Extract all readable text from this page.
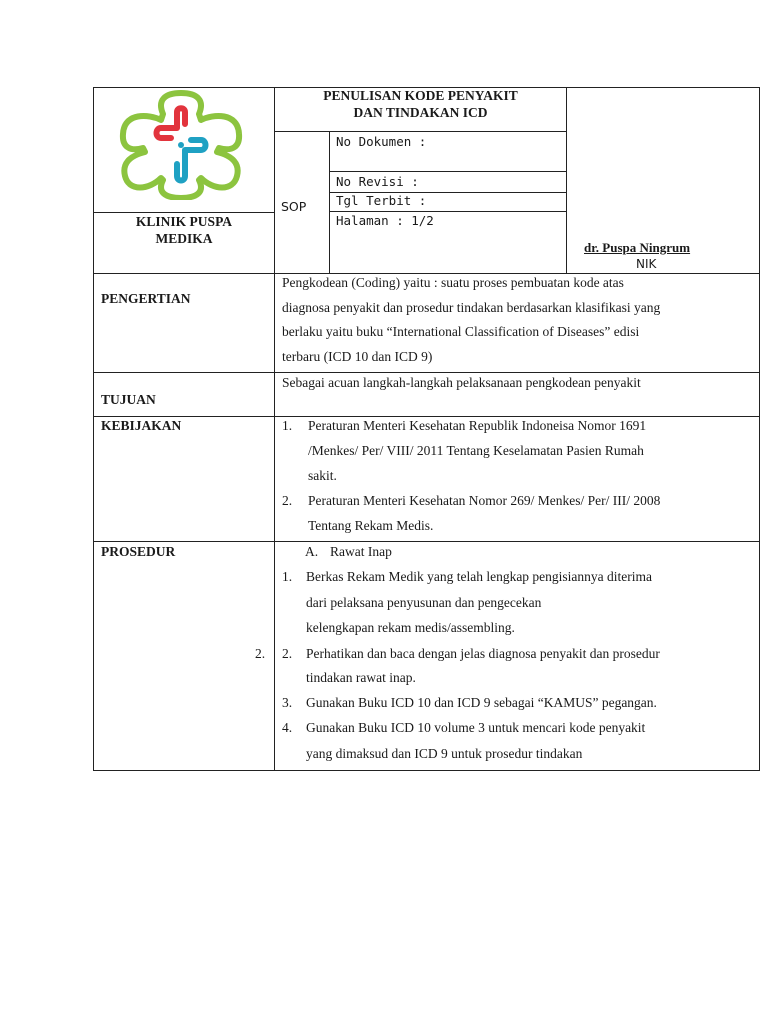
PENULISAN KODE PENYAKIT
DAN TINDAKAN ICD
KLINIK PUSPA
MEDIKA
SOP
No Dokumen :
No Revisi :
Tgl Terbit :
Halaman : 1/2
dr. Puspa Ningrum
NIK
PENGERTIAN
Pengkodean (Coding) yaitu : suatu proses pembuatan kode atas
diagnosa penyakit dan prosedur tindakan berdasarkan klasifikasi yang
berlaku yaitu buku “International Classification of Diseases” edisi
terbaru (ICD 10 dan ICD 9)
TUJUAN
Sebagai acuan langkah-langkah pelaksanaan pengkodean penyakit
KEBIJAKAN	1. Peraturan Menteri Kesehatan Republik Indoneisa Nomor 1691
/Menkes/ Per/ VIII/ 2011 Tentang Keselamatan Pasien Rumah
sakit.
2. Peraturan Menteri Kesehatan Nomor 269/ Menkes/ Per/ III/ 2008
Tentang Rekam Medis.
PROSEDUR
2.
A. Rawat Inap
1. Berkas Rekam Medik yang telah lengkap pengisiannya diterima
dari pelaksana penyusunan dan pengecekan
kelengkapan rekam medis/assembling.
2. Perhatikan dan baca dengan jelas diagnosa penyakit dan prosedur
tindakan rawat inap.
3. Gunakan Buku ICD 10 dan ICD 9 sebagai “KAMUS” pegangan.
4. Gunakan Buku ICD 10 volume 3 untuk mencari kode penyakit
yang dimaksud dan ICD 9 untuk prosedur tindakan
